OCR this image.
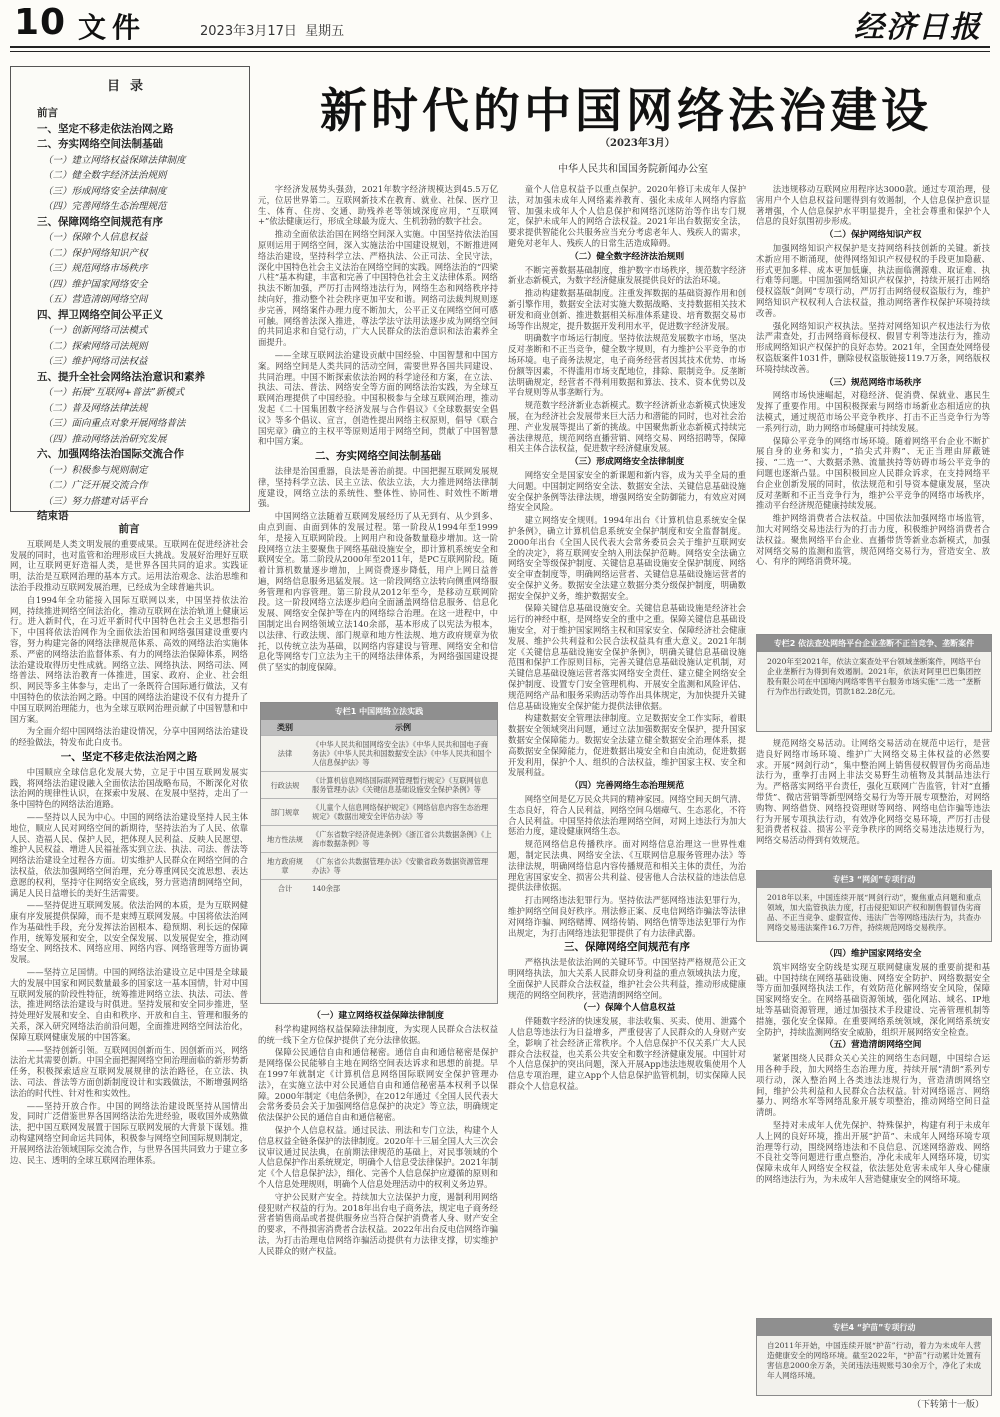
10 文件	2023年3月17日 星期五	经济日报
目录
前言
一、坚定不移走依法治网之路
二、夯实网络空间法制基础
（一）建立网络权益保障法律制度
（二）健全数字经济法治规则
（三）形成网络安全法律制度
（四）完善网络生态治理规范
三、保障网络空间规范有序
（一）保障个人信息权益
（二）保护网络知识产权
（三）规范网络市场秩序
（四）维护国家网络安全
（五）营造清朗网络空间
四、捍卫网络空间公平正义
（一）创新网络司法模式
（二）探索网络司法规则
（三）维护网络司法权益
五、提升全社会网络法治意识和素养
（一）拓展“互联网+普法”新模式
（二）普及网络法律法规
（三）面向重点对象开展网络普法
（四）推动网络法治研究发展
六、加强网络法治国际交流合作
（一）积极参与规则制定
（二）广泛开展交流合作
（三）努力搭建对话平台
结束语
新时代的中国网络法治建设
（2023年3月）
中华人民共和国国务院新闻办公室
前言

互联网是人类文明发展的重要成果。互联网在促进经济社会发展的同时，也对监管和治理形成巨大挑战。发展好治理好互联网，让互联网更好造福人类，是世界各国共同的追求。实践证明，法治是互联网治理的基本方式。运用法治观念、法治思维和法治手段推动互联网发展治理，已经成为全球普遍共识。

自1994年全功能接入国际互联网以来，中国坚持依法治网，持续推进网络空间法治化，推动互联网在法治轨道上健康运行。进入新时代，在习近平新时代中国特色社会主义思想指引下，中国将依法治网作为全面依法治国和网络强国建设重要内容，努力构建完备的网络法律规范体系、高效的网络法治实施体系、严密的网络法治监督体系、有力的网络法治保障体系，网络法治建设取得历史性成就。网络立法、网络执法、网络司法、网络普法、网络法治教育一体推进，国家、政府、企业、社会组织、网民等多主体参与，走出了一条既符合国际通行做法，又有中国特色的依法治网之路。中国的网络法治建设不仅有力提升了中国互联网治理能力，也为全球互联网治理贡献了中国智慧和中国方案。

为全面介绍中国网络法治建设情况，分享中国网络法治建设的经验做法，特发布此白皮书。

一、坚定不移走依法治网之路

中国顺应全球信息化发展大势，立足于中国互联网发展实践，将网络法治建设融入全面依法治国战略布局，不断深化对依法治网的规律性认识，在探索中发展、在发展中坚持，走出了一条中国特色的网络法治道路。

——坚持以人民为中心。中国的网络法治建设坚持人民主体地位，顺应人民对网络空间的新期待，坚持法治为了人民、依靠人民、造福人民、保护人民，把体现人民利益、反映人民愿望、维护人民权益、增进人民福祉落实到立法、执法、司法、普法等网络法治建设全过程各方面。切实维护人民群众在网络空间的合法权益，依法加强网络空间治理，充分尊重网民交流思想、表达意愿的权利，坚持守住网络安全底线，努力营造清朗网络空间，满足人民日益增长的美好生活需要。

——坚持促进互联网发展。依法治网的本质，是为互联网健康有序发展提供保障，而不是束缚互联网发展。中国将依法治网作为基础性手段，充分发挥法治固根本、稳预期、利长远的保障作用，统筹发展和安全，以安全保发展、以发展促安全，推动网络安全、网络技术、网络应用、网络内容、网络管理等方面协调发展。

——坚持立足国情。中国的网络法治建设立足中国是全球最大的发展中国家和网民数量最多的国家这一基本国情，针对中国互联网发展的阶段性特征，统筹推进网络立法、执法、司法、普法，推进网络法治建设与时俱进。坚持发展和安全同步推进，坚持处理好发展和安全、自由和秩序、开放和自主、管理和服务的关系，深入研究网络法治前沿问题，全面推进网络空间法治化，保障互联网健康发展的中国答案。

——坚持创新引领。互联网因创新而生、因创新而兴，网络法治尤其需要创新。中国全面把握网络空间治理面临的新形势新任务，积极探索适应互联网发展规律的法治路径，在立法、执法、司法、普法等方面创新制度设计和实践做法，不断增强网络法治的时代性、针对性和实效性。

——坚持开放合作。中国的网络法治建设既坚持从国情出发，同时广泛借鉴世界各国网络法治先进经验，吸收国外成熟做法，把中国互联网发展置于国际互联网发展的大背景下谋划。推动构建网络空间命运共同体，积极参与网络空间国际规则制定，开展网络法治领域国际交流合作，与世界各国共同致力于建立多边、民主、透明的全球互联网治理体系。

字经济发展势头强劲，2021年数字经济规模达到45.5万亿元，位居世界第二。互联网新技术在教育、就业、社保、医疗卫生、体育、住房、交通、助残养老等领域深度应用，“互联网+”依法健康运行，形成全球最为庞大、生机勃勃的数字社会。

推动全面依法治国在网络空间深入实施。中国坚持依法治国原则运用于网络空间，深入实施法治中国建设规划，不断推进网络法治建设，坚持科学立法、严格执法、公正司法、全民守法，深化中国特色社会主义法治在网络空间的实践。网络法治的“四梁八柱”基本构建，丰富和完善了中国特色社会主义法律体系。网络执法不断加强，严厉打击网络违法行为，网络生态和网络秩序持续向好，推动整个社会秩序更加平安和谐。网络司法裁判规则逐步完善，网络案件办理力度不断加大，公平正义在网络空间可感可触。网络普法深入推进，尊法学法守法用法逐步成为网络空间的共同追求和自觉行动，广大人民群众的法治意识和法治素养全面提升。

——全球互联网法治建设贡献中国经验、中国智慧和中国方案。网络空间是人类共同的活动空间，需要世界各国共同建设、共同治理。中国不断探索依法治网的科学途径和方案，在立法、执法、司法、普法、网络安全等方面的网络法治实践，为全球互联网治理提供了中国经验。中国积极参与全球互联网治理，推动发起《二十国集团数字经济发展与合作倡议》《全球数据安全倡议》等多个倡议、宣言，创造性提出网络主权原则，倡导《联合国宪章》确立的主权平等原则适用于网络空间，贯献了中国智慧和中国方案。

二、夯实网络空间法制基础

法律是治国重器，良法是善治前提。中国把握互联网发展规律，坚持科学立法、民主立法、依法立法，大力推进网络法律制度建设，网络立法的系统性、整体性、协同性、时效性不断增强。

中国网络立法随着互联网发展经历了从无到有、从少到多、由点到面、由面到体的发展过程。第一阶段从1994年至1999年，是接入互联网阶段。上网用户和设备数量稳步增加。这一阶段网络立法主要聚焦于网络基础设施安全，即计算机系统安全和联网安全。第二阶段从2000年至2011年，是PC互联网阶段。随着计算机数量逐步增加，上网资费逐步降低，用户上网日益普遍，网络信息服务迅猛发展。这一阶段网络立法转向侧重网络服务管理和内容管理。第三阶段从2012年至今，是移动互联网阶段。这一阶段网络立法逐步趋向全面涵盖网络信息服务、信息化发展、网络安全保护等在内的网络综合治理。在这一进程中，中国制定出台网络领域立法140余部，基本形成了以宪法为根本，以法律、行政法规、部门规章和地方性法规、地方政府规章为依托，以传统立法为基础，以网络内容建设与管理、网络安全和信息化等网络专门立法为主干的网络法律体系，为网络强国建设提供了坚实的制度保障。

专栏1 中国网络立法实践
类别	示例
法律	《中华人民共和国网络安全法》《中华人民共和国电子商务法》《中华人民共和国数据安全法》《中华人民共和国个人信息保护法》等
行政法规	《计算机信息网络国际联网管理暂行规定》《互联网信息服务管理办法》《关键信息基础设施安全保护条例》等
部门规章	《儿童个人信息网络保护规定》《网络信息内容生态治理规定》《数据出境安全评估办法》等
地方性法规	《广东省数字经济促进条例》《浙江省公共数据条例》《上海市数据条例》等
地方政府规章	《广东省公共数据管理办法》《安徽省政务数据资源管理办法》等
合计	140余部
（一）建立网络权益保障法律制度

科学构建网络权益保障法律制度，为实现人民群众合法权益的统一线下全方位保护提供了充分法律依据。

保障公民通信自由和通信秘密。通信自由和通信秘密是保护是网络保公民能够自主地在网络空间表达诉求和思想的前提。早在1997年就制定《计算机信息网络国际联网安全保护管理办法》，在实施立法中对公民通信自由和通信秘密基本权利予以保障。2000年制定《电信条例》，在2012年通过《全国人民代表大会常务委员会关于加强网络信息保护的决定》等立法，明确规定依法保护公民的通信自由和通信秘密。

保护个人信息权益。通过民法、刑法和专门立法，构建个人信息权益全链条保护的法律制度。2020年十三届全国人大三次会议审议通过民法典，在前期法律规范的基础上，对民事领域的个人信息保护作出系统规定，明确个人信息受法律保护。2021年制定《个人信息保护法》，细化、完善个人信息保护应遵循的原则和个人信息处理规则，明确个人信息处理活动中的权利义务边界。

守护公民财产安全。持续加大立法保护力度，遏制利用网络侵犯财产权益的行为。2018年出台电子商务法，规定电子商务经营者销售商品或者提供服务应当符合保护消费者人身、财产安全的要求，不得损害消费者合法权益。2022年出台反电信网络诈骗法，为打击治理电信网络诈骗活动提供有力法律支撑，切实维护人民群众的财产权益。

童个人信息权益予以重点保护。2020年修订未成年人保护法，对加强未成年人网络素养教育、强化未成年人网络内容监管、加强未成年人个人信息保护和网络沉迷防治等作出专门规定，保护未成年人的网络合法权益。2021年出台数据安全法，要求提供智能化公共服务应当充分考虑老年人、残疾人的需求，避免对老年人、残疾人的日常生活造成障碍。

（二）健全数字经济法治规则

不断完善数据基础制度，维护数字市场秩序，规范数字经济新业态新模式，为数字经济健康发展提供良好的法治环境。

推动构建数据基础制度。注重发挥数据的基础资源作用和创新引擎作用，数据安全法对实施大数据战略、支持数据相关技术研发和商业创新、推进数据相关标准体系建设、培育数据交易市场等作出规定，提升数据开发利用水平，促进数字经济发展。

明确数字市场运行制度。坚持依法规范发展数字市场，坚决反对垄断和不正当竞争，健全数字规则，有力维护公平竞争的市场环境。电子商务法规定，电子商务经营者因其技术优势、市场份额等因素，不得滥用市场支配地位，排除、限制竞争。反垄断法明确规定，经营者不得利用数据和算法、技术、资本优势以及平台规则等从事垄断行为。

规范数字经济新业态新模式。数字经济新业态新模式快速发展，在为经济社会发展带来巨大活力和潜能的同时，也对社会治理、产业发展等提出了新的挑战。中国聚焦新业态新模式持续完善法律规范，规范网络直播营销、网络交易、网络招聘等，保障相关主体合法权益，促进数字经济健康发展。

（三）形成网络安全法律制度

网络安全是国家安全的新课题和新内容，成为关乎全局的重大问题。中国制定网络安全法、数据安全法、关键信息基础设施安全保护条例等法律法规，增强网络安全防御能力，有效应对网络安全风险。

建立网络安全规则。1994年出台《计算机信息系统安全保护条例》，确立计算机信息系统安全保护制度和安全监督制度。2000年出台《全国人民代表大会常务委员会关于维护互联网安全的决定》，将互联网安全纳入刑法保护范畴。网络安全法确立网络安全等级保护制度、关键信息基础设施安全保护制度、网络安全审查制度等，明确网络运营者、关键信息基础设施运营者的安全保护义务。数据安全法建立数据分类分级保护制度，明确数据安全保护义务，维护数据安全。

保障关键信息基础设施安全。关键信息基础设施是经济社会运行的神经中枢，是网络安全的重中之重。保障关键信息基础设施安全，对于维护国家网络主权和国家安全、保障经济社会健康发展、维护公共利益和公民合法权益具有重大意义。2021年制定《关键信息基础设施安全保护条例》，明确关键信息基础设施范围和保护工作原则目标，完善关键信息基础设施认定机制，对关键信息基础设施运营者落实网络安全责任、建立健全网络安全保护制度、设置专门安全管理机构、开展安全监测和风险评估、规范网络产品和服务采购活动等作出具体规定，为加快提升关键信息基础设施安全保护能力提供法律依据。

构建数据安全管理法律制度。立足数据安全工作实际，着眼数据安全领域突出问题，通过立法加强数据安全保护，提升国家数据安全保障能力。数据安全法建立健全数据安全治理体系，提高数据安全保障能力，促进数据出境安全和自由流动，促进数据开发利用，保护个人、组织的合法权益，维护国家主权、安全和发展利益。

（四）完善网络生态治理规范

网络空间是亿万民众共同的精神家园。网络空间天朗气清、生态良好，符合人民利益，网络空间乌烟瘴气、生态恶化，不符合人民利益。中国坚持依法治理网络空间，对网上违法行为加大惩治力度，建设健康网络生态。

规范网络信息传播秩序。面对网络信息治理这一世界性难题，制定民法典、网络安全法、《互联网信息服务管理办法》等法律法规，明确网络信息内容传播规范和相关主体的责任，为治理危害国家安全、损害公共利益、侵害他人合法权益的违法信息提供法律依据。

打击网络违法犯罪行为。坚持依法严惩网络违法犯罪行为，维护网络空间良好秩序。刑法修正案、反电信网络诈骗法等法律对网络诈骗、网络赌博、网络传销、网络色情等违法犯罪行为作出规定，为打击网络违法犯罪提供了有力法律武器。

三、保障网络空间规范有序

严格执法是依法治网的关键环节。中国坚持严格规范公正文明网络执法，加大关系人民群众切身利益的重点领域执法力度，全面保护人民群众合法权益，维护社会公共利益，推动形成健康规范的网络空间秩序，营造清朗网络空间。

（一）保障个人信息权益

伴随数字经济的快速发展，非法收集、买卖、使用、泄露个人信息等违法行为日益增多，严重侵害了人民群众的人身财产安全，影响了社会经济正常秩序。个人信息保护不仅关系广大人民群众合法权益，也关系公共安全和数字经济健康发展。中国针对个人信息保护的突出问题，深入开展App违法违规收集使用个人信息专项治理，建立App个人信息保护监管机制，切实保障人民群众个人信息权益。

法违规移动互联网应用程序达3000款。通过专项治理，侵害用户个人信息权益问题得到有效遏制，个人信息保护意识显著增强，个人信息保护水平明显提升，全社会尊重和保护个人信息的良好氛围初步形成。

（二）保护网络知识产权

加强网络知识产权保护是支持网络科技创新的关键。新技术新应用不断涌现，使得网络知识产权侵权的手段更加隐蔽、形式更加多样、成本更加低廉，执法面临溯源难、取证难、执行难等问题。中国加强网络知识产权保护，持续开展打击网络侵权盗版“剑网”专项行动，严厉打击网络侵权盗版行为，维护网络知识产权权利人合法权益，推动网络著作权保护环境持续改善。

强化网络知识产权执法。坚持对网络知识产权违法行为依法严肃查处，打击网络商标侵权、假冒专利等违法行为，推动形成网络知识产权保护的良好态势。2021年，全国查处网络侵权盗版案件1031件，删除侵权盗版链接119.7万条，网络版权环境持续改善。

（三）规范网络市场秩序

网络市场快速崛起，对稳经济、促消费、保就业、惠民生发挥了重要作用。中国积极探索与网络市场新业态相适应的执法模式，通过规范市场公平竞争秩序、打击不正当竞争行为等一系列行动，助力网络市场健康可持续发展。

保障公平竞争的网络市场环境。随着网络平台企业不断扩展自身的业务和实力，“掐尖式并购”、无正当理由屏蔽链接、“二选一”、大数据杀熟、流量挟持等妨碍市场公平竞争的问题也逐渐凸显。中国积极回应人民群众诉求，在支持网络平台企业创新发展的同时，依法规范和引导资本健康发展，坚决反对垄断和不正当竞争行为，维护公平竞争的网络市场秩序，推动平台经济规范健康持续发展。

维护网络消费者合法权益。中国依法加强网络市场监管，加大对网络交易违法行为的打击力度，积极维护网络消费者合法权益。聚焦网络平台企业、直播带货等新业态新模式，加强对网络交易的监测和监管，规范网络交易行为，营造安全、放心、有序的网络消费环境。

专栏2 依法查处网络平台企业垄断不正当竞争、垄断案件
2020年至2021年，依法立案查处平台领域垄断案件，网络平台企业垄断行为得到有效遏制。2021年，依法对阿里巴巴集团控股有限公司在中国境内网络零售平台服务市场实施“二选一”垄断行为作出行政处罚，罚款182.28亿元。

规范网络交易活动。让网络交易活动在规范中运行，是营造良好网络市场环境、维护广大网络交易主体权益的必然要求。开展“网剑行动”，集中整治网上销售侵权假冒伪劣商品违法行为，重拳打击网上非法交易野生动植物及其制品违法行为。严格落实网络平台责任，强化互联网广告监管，针对“直播带货”、微店营销等新型网络交易行为等开展专项整治，对网络购物、网络借贷、网络投资理财等网络、网络电信诈骗等违法行为开展专项执法行动，有效净化网络交易环境，严厉打击侵犯消费者权益、损害公平竞争秩序的网络交易违法违规行为，网络交易活动得到有效规范。

专栏3 “网剑”专项行动
2018年以来，中国连续开展“网剑行动”，聚焦重点问题和重点领域，加大监管执法力度，打击侵犯知识产权和制售假冒伪劣商品、不正当竞争、虚假宣传、违法广告等网络违法行为，共查办网络交易违法案件16.7万件，持续规范网络交易秩序。
（四）维护国家网络安全

筑牢网络安全防线是实现互联网健康发展的重要前提和基础。中国持续在网络基础设施、网络安全防护、网络数据安全等方面加强网络执法工作，有效防范化解网络安全风险，保障国家网络安全。在网络基础资源领域，强化网站、域名、IP地址等基础资源管理，通过加强技术手段建设、完善管理机制等措施，强化安全保障。在重要网络系统领域，深化网络系统安全防护，持续监测网络安全威胁，组织开展网络安全检查。

（五）营造清朗网络空间

紧紧围绕人民群众关心关注的网络生态问题，中国综合运用各种手段，加大网络生态治理力度，持续开展“清朗”系列专项行动，深入整治网上各类违法违规行为，营造清朗网络空间，维护公共利益和人民群众合法权益。针对网络谣言、网络暴力、网络水军等网络乱象开展专项整治，推动网络空间日益清朗。

坚持对未成年人优先保护、特殊保护，构建有利于未成年人上网的良好环境，推出开展“护苗”、未成年人网络环境专项治理等行动，围绕网络违法和不良信息、沉迷网络游戏、网络不良社交等问题进行重点整治，净化未成年人网络环境，切实保障未成年人网络安全权益，依法惩处危害未成年人身心健康的网络违法行为，为未成年人营造健康安全的网络环境。

专栏4 “护苗”专项行动
自2011年开始，中国连续开展“护苗”行动，着力为未成年人营造健康安全的网络环境。截至2022年，“护苗”行动累计处置有害信息2000余万条，关闭违法违规账号30余万个，净化了未成年人网络环境。
（下转第十一版）
